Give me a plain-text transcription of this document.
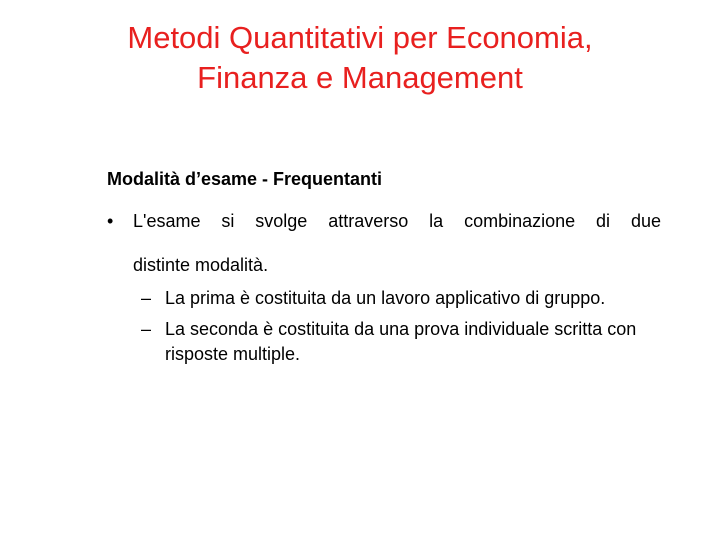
Metodi Quantitativi per Economia,
Finanza e Management

Modalità d’esame - Frequentanti

•	L'esame si svolge attraverso la combinazione di due
distinte modalità.
– La prima è costituita da un lavoro applicativo di gruppo.
– La seconda è costituita da una prova individuale scritta con risposte multiple.
